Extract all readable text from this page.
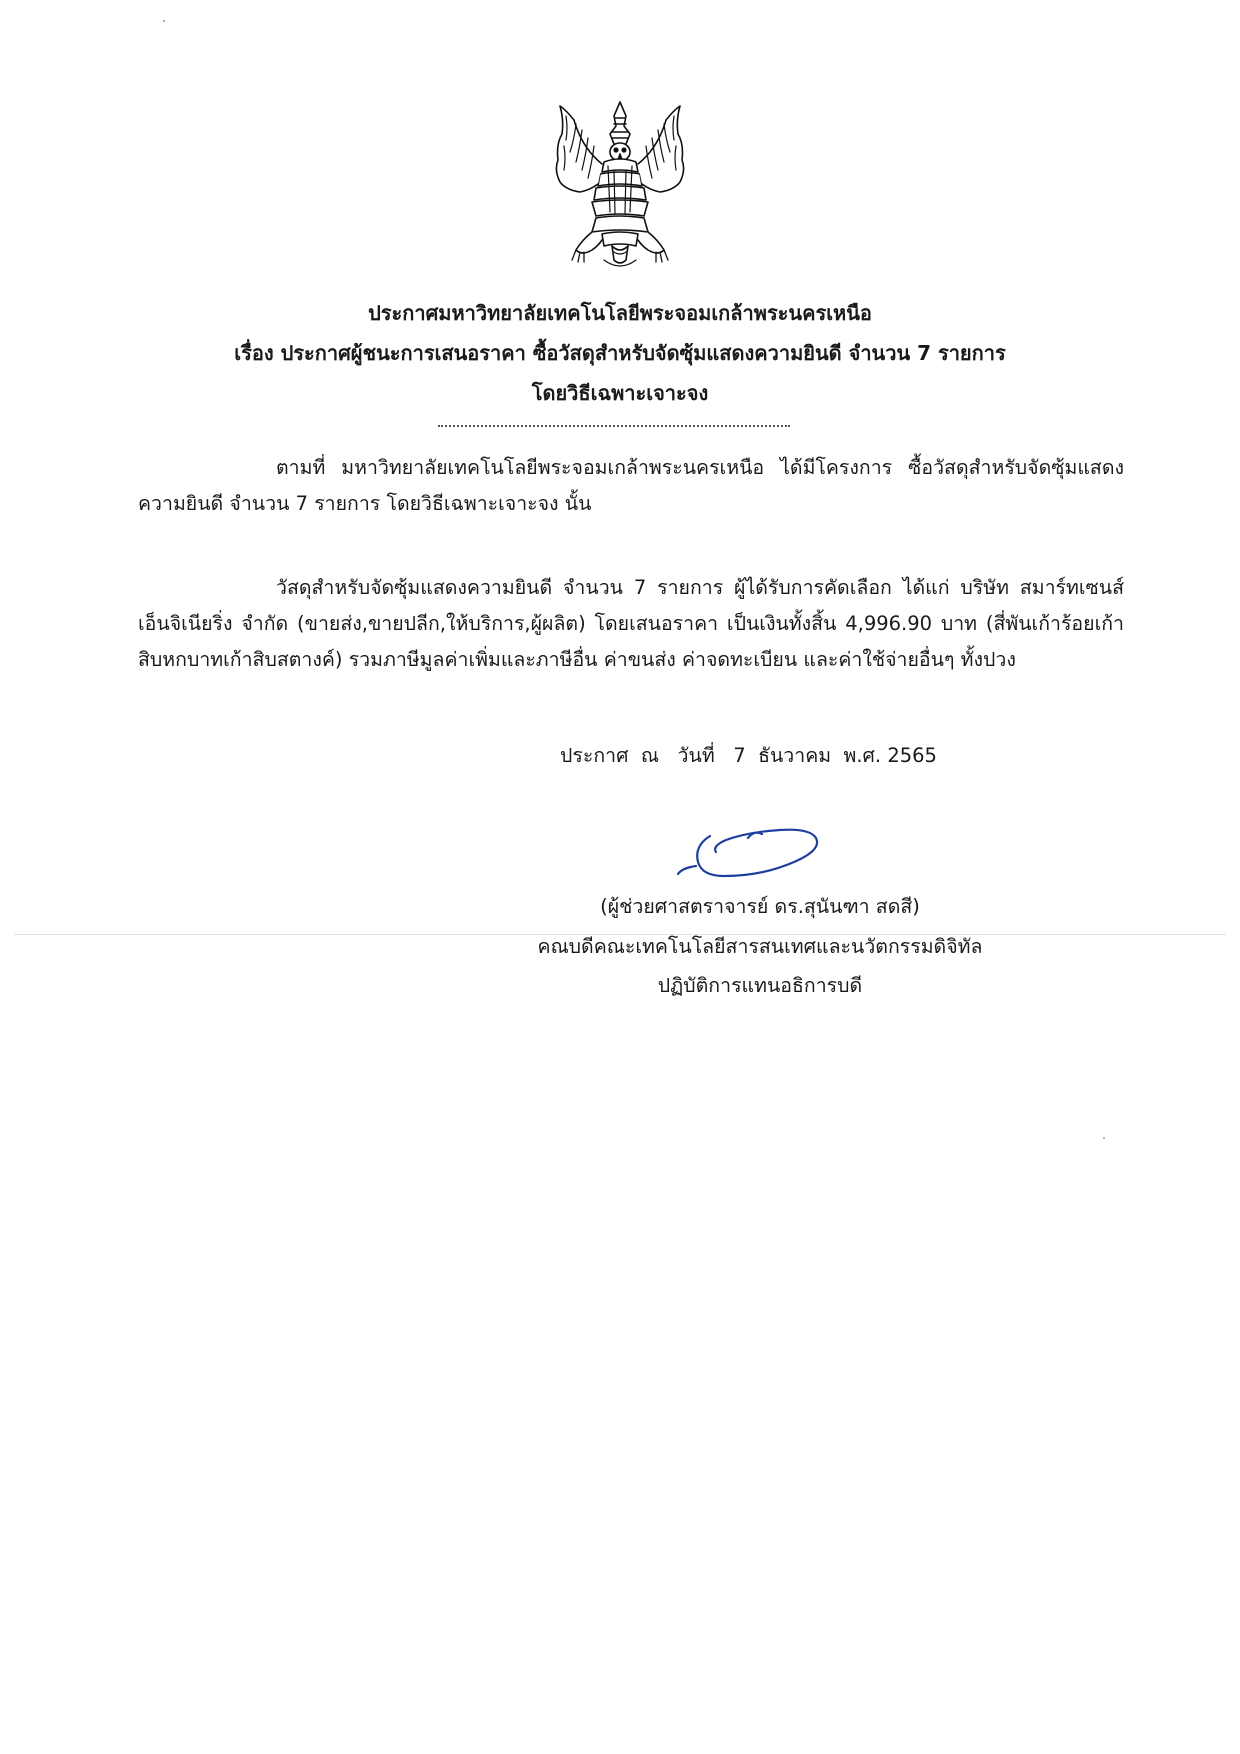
ประกาศมหาวิทยาลัยเทคโนโลยีพระจอมเกล้าพระนครเหนือ
เรื่อง ประกาศผู้ชนะการเสนอราคา ซื้อวัสดุสำหรับจัดซุ้มแสดงความยินดี จำนวน 7 รายการ
โดยวิธีเฉพาะเจาะจง

ตามที่ มหาวิทยาลัยเทคโนโลยีพระจอมเกล้าพระนครเหนือ ได้มีโครงการ ซื้อวัสดุสำหรับจัดซุ้มแสดงความยินดี จำนวน 7 รายการ โดยวิธีเฉพาะเจาะจง นั้น

วัสดุสำหรับจัดซุ้มแสดงความยินดี จำนวน 7 รายการ ผู้ได้รับการคัดเลือก ได้แก่ บริษัท สมาร์ทเซนส์ เอ็นจิเนียริ่ง จำกัด (ขายส่ง,ขายปลีก,ให้บริการ,ผู้ผลิต) โดยเสนอราคา เป็นเงินทั้งสิ้น 4,996.90 บาท (สี่พันเก้าร้อยเก้าสิบหกบาทเก้าสิบสตางค์) รวมภาษีมูลค่าเพิ่มและภาษีอื่น ค่าขนส่ง ค่าจดทะเบียน และค่าใช้จ่ายอื่นๆ ทั้งปวง

ประกาศ  ณ   วันที่   7  ธันวาคม  พ.ศ. 2565
(ผู้ช่วยศาสตราจารย์ ดร.สุนันฑา สดสี)
คณบดีคณะเทคโนโลยีสารสนเทศและนวัตกรรมดิจิทัล
ปฏิบัติการแทนอธิการบดี
